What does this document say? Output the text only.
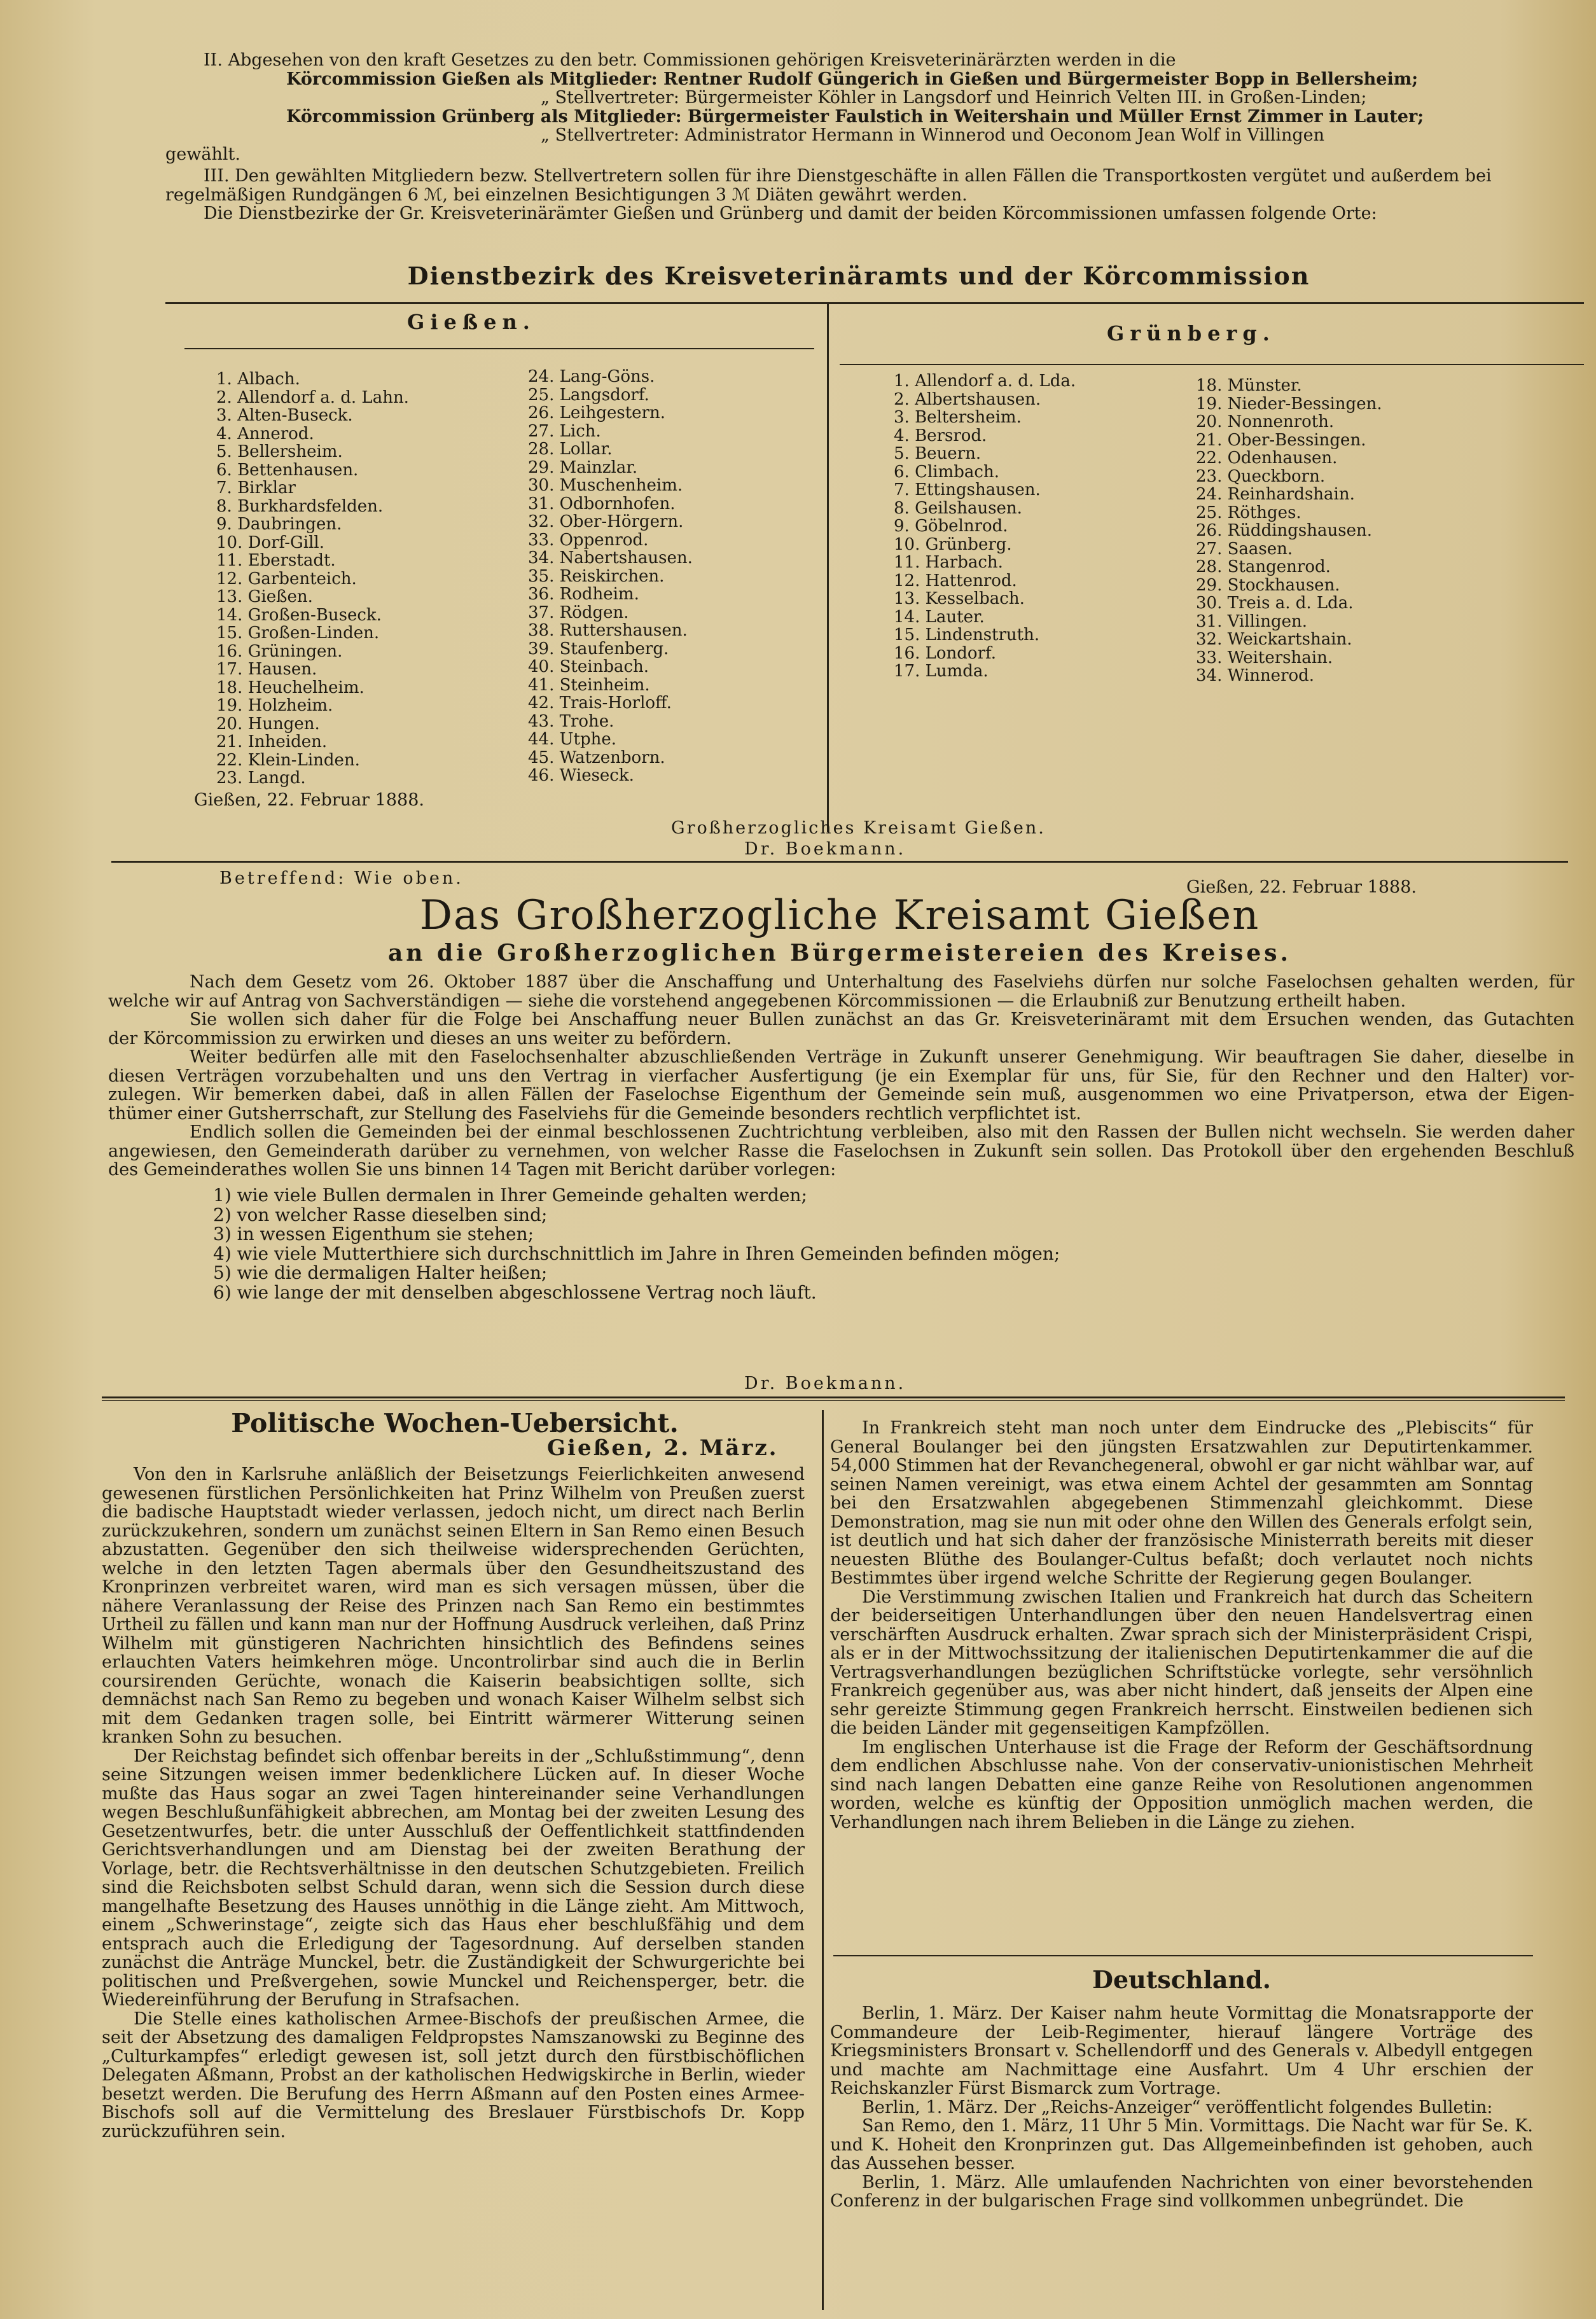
II. Abgesehen von den kraft Gesetzes zu den betr. Commissionen gehörigen Kreisveterinärärzten werden in die
Körcommission Gießen als Mitglieder: Rentner Rudolf Güngerich in Gießen und Bürgermeister Bopp in Bellersheim;
„ Stellvertreter: Bürgermeister Köhler in Langsdorf und Heinrich Velten III. in Großen-Linden;
Körcommission Grünberg als Mitglieder: Bürgermeister Faulstich in Weitershain und Müller Ernst Zimmer in Lauter;
„ Stellvertreter: Administrator Hermann in Winnerod und Oeconom Jean Wolf in Villingen
gewählt.
III. Den gewählten Mitgliedern bezw. Stellvertretern sollen für ihre Dienstgeschäfte in allen Fällen die Transportkosten vergütet und außerdem bei
regelmäßigen Rundgängen 6 ℳ, bei einzelnen Besichtigungen 3 ℳ Diäten gewährt werden.
Die Dienstbezirke der Gr. Kreisveterinärämter Gießen und Grünberg und damit der beiden Körcommissionen umfassen folgende Orte:
Dienstbezirk des Kreisveterinäramts und der Körcommission
Gießen.	Grünberg.
1. Albach.
2. Allendorf a. d. Lahn.
3. Alten-Buseck.
4. Annerod.
5. Bellersheim.
6. Bettenhausen.
7. Birklar
8. Burkhardsfelden.
9. Daubringen.
10. Dorf-Gill.
11. Eberstadt.
12. Garbenteich.
13. Gießen.
14. Großen-Buseck.
15. Großen-Linden.
16. Grüningen.
17. Hausen.
18. Heuchelheim.
19. Holzheim.
20. Hungen.
21. Inheiden.
22. Klein-Linden.
23. Langd.
24. Lang-Göns.
25. Langsdorf.
26. Leihgestern.
27. Lich.
28. Lollar.
29. Mainzlar.
30. Muschenheim.
31. Odbornhofen.
32. Ober-Hörgern.
33. Oppenrod.
34. Nabertshausen.
35. Reiskirchen.
36. Rodheim.
37. Rödgen.
38. Ruttershausen.
39. Staufenberg.
40. Steinbach.
41. Steinheim.
42. Trais-Horloff.
43. Trohe.
44. Utphe.
45. Watzenborn.
46. Wieseck.
1. Allendorf a. d. Lda.
2. Albertshausen.
3. Beltersheim.
4. Bersrod.
5. Beuern.
6. Climbach.
7. Ettingshausen.
8. Geilshausen.
9. Göbelnrod.
10. Grünberg.
11. Harbach.
12. Hattenrod.
13. Kesselbach.
14. Lauter.
15. Lindenstruth.
16. Londorf.
17. Lumda.
18. Münster.
19. Nieder-Bessingen.
20. Nonnenroth.
21. Ober-Bessingen.
22. Odenhausen.
23. Queckborn.
24. Reinhardshain.
25. Röthges.
26. Rüddingshausen.
27. Saasen.
28. Stangenrod.
29. Stockhausen.
30. Treis a. d. Lda.
31. Villingen.
32. Weickartshain.
33. Weitershain.
34. Winnerod.
Gießen, 22. Februar 1888.
Großherzogliches Kreisamt Gießen.
Dr. Boekmann.
Betreffend: Wie oben.	Gießen, 22. Februar 1888.
Das Großherzogliche Kreisamt Gießen
an die Großherzoglichen Bürgermeistereien des Kreises.
Nach dem Gesetz vom 26. Oktober 1887 über die Anschaffung und Unterhaltung des Faselviehs dürfen nur solche Faselochsen gehalten werden, für
welche wir auf Antrag von Sachverständigen — siehe die vorstehend angegebenen Körcommissionen — die Erlaubniß zur Benutzung ertheilt haben.
Sie wollen sich daher für die Folge bei Anschaffung neuer Bullen zunächst an das Gr. Kreisveterinäramt mit dem Ersuchen wenden, das Gutachten
der Körcommission zu erwirken und dieses an uns weiter zu befördern.
Weiter bedürfen alle mit den Faselochsenhalter abzuschließenden Verträge in Zukunft unserer Genehmigung. Wir beauftragen Sie daher, dieselbe in
diesen Verträgen vorzubehalten und uns den Vertrag in vierfacher Ausfertigung (je ein Exemplar für uns, für Sie, für den Rechner und den Halter) vor-
zulegen. Wir bemerken dabei, daß in allen Fällen der Faselochse Eigenthum der Gemeinde sein muß, ausgenommen wo eine Privatperson, etwa der Eigen-
thümer einer Gutsherrschaft, zur Stellung des Faselviehs für die Gemeinde besonders rechtlich verpflichtet ist.
Endlich sollen die Gemeinden bei der einmal beschlossenen Zuchtrichtung verbleiben, also mit den Rassen der Bullen nicht wechseln. Sie werden daher
angewiesen, den Gemeinderath darüber zu vernehmen, von welcher Rasse die Faselochsen in Zukunft sein sollen. Das Protokoll über den ergehenden Beschluß
des Gemeinderathes wollen Sie uns binnen 14 Tagen mit Bericht darüber vorlegen:
1) wie viele Bullen dermalen in Ihrer Gemeinde gehalten werden;
2) von welcher Rasse dieselben sind;
3) in wessen Eigenthum sie stehen;
4) wie viele Mutterthiere sich durchschnittlich im Jahre in Ihren Gemeinden befinden mögen;
5) wie die dermaligen Halter heißen;
6) wie lange der mit denselben abgeschlossene Vertrag noch läuft.
Dr. Boekmann.
Politische Wochen-Uebersicht.
Gießen, 2. März.
Von den in Karlsruhe anläßlich der Beisetzungs Feierlichkeiten anwesend gewesenen fürstlichen Persönlichkeiten hat Prinz Wilhelm von Preußen zuerst die badische Hauptstadt wieder verlassen, jedoch nicht, um direct nach Berlin zurückzukehren, sondern um zunächst seinen Eltern in San Remo einen Besuch abzustatten. Gegenüber den sich theilweise widersprechenden Gerüchten, welche in den letzten Tagen abermals über den Gesundheitszustand des Kronprinzen verbreitet waren, wird man es sich versagen müssen, über die nähere Veranlassung der Reise des Prinzen nach San Remo ein bestimmtes Urtheil zu fällen und kann man nur der Hoffnung Ausdruck verleihen, daß Prinz Wilhelm mit günstigeren Nachrichten hinsichtlich des Befindens seines erlauchten Vaters heimkehren möge. Uncontrolirbar sind auch die in Berlin coursirenden Gerüchte, wonach die Kaiserin beabsichtigen sollte, sich demnächst nach San Remo zu begeben und wonach Kaiser Wilhelm selbst sich mit dem Gedanken tragen solle, bei Eintritt wärmerer Witterung seinen kranken Sohn zu besuchen.
Der Reichstag befindet sich offenbar bereits in der „Schlußstimmung“, denn seine Sitzungen weisen immer bedenklichere Lücken auf. In dieser Woche mußte das Haus sogar an zwei Tagen hintereinander seine Verhandlungen wegen Beschlußunfähigkeit abbrechen, am Montag bei der zweiten Lesung des Gesetzentwurfes, betr. die unter Ausschluß der Oeffentlichkeit stattfindenden Gerichtsverhandlungen und am Dienstag bei der zweiten Berathung der Vorlage, betr. die Rechtsverhältnisse in den deutschen Schutzgebieten. Freilich sind die Reichsboten selbst Schuld daran, wenn sich die Session durch diese mangelhafte Besetzung des Hauses unnöthig in die Länge zieht. Am Mittwoch, einem „Schwerinstage“, zeigte sich das Haus eher beschlußfähig und dem entsprach auch die Erledigung der Tagesordnung. Auf derselben standen zunächst die Anträge Munckel, betr. die Zuständigkeit der Schwurgerichte bei politischen und Preßvergehen, sowie Munckel und Reichensperger, betr. die Wiedereinführung der Berufung in Strafsachen.
Die Stelle eines katholischen Armee-Bischofs der preußischen Armee, die seit der Absetzung des damaligen Feldpropstes Namszanowski zu Beginne des „Culturkampfes“ erledigt gewesen ist, soll jetzt durch den fürstbischöflichen Delegaten Aßmann, Probst an der katholischen Hedwigskirche in Berlin, wieder besetzt werden. Die Berufung des Herrn Aßmann auf den Posten eines Armee-Bischofs soll auf die Vermittelung des Breslauer Fürstbischofs Dr. Kopp zurückzuführen sein.
In Frankreich steht man noch unter dem Eindrucke des „Plebiscits“ für General Boulanger bei den jüngsten Ersatzwahlen zur Deputirtenkammer. 54,000 Stimmen hat der Revanchegeneral, obwohl er gar nicht wählbar war, auf seinen Namen vereinigt, was etwa einem Achtel der gesammten am Sonntag bei den Ersatzwahlen abgegebenen Stimmenzahl gleichkommt. Diese Demonstration, mag sie nun mit oder ohne den Willen des Generals erfolgt sein, ist deutlich und hat sich daher der französische Ministerrath bereits mit dieser neuesten Blüthe des Boulanger-Cultus befaßt; doch verlautet noch nichts Bestimmtes über irgend welche Schritte der Regierung gegen Boulanger.
Die Verstimmung zwischen Italien und Frankreich hat durch das Scheitern der beiderseitigen Unterhandlungen über den neuen Handelsvertrag einen verschärften Ausdruck erhalten. Zwar sprach sich der Ministerpräsident Crispi, als er in der Mittwochssitzung der italienischen Deputirtenkammer die auf die Vertragsverhandlungen bezüglichen Schriftstücke vorlegte, sehr versöhnlich Frankreich gegenüber aus, was aber nicht hindert, daß jenseits der Alpen eine sehr gereizte Stimmung gegen Frankreich herrscht. Einstweilen bedienen sich die beiden Länder mit gegenseitigen Kampfzöllen.
Im englischen Unterhause ist die Frage der Reform der Geschäftsordnung dem endlichen Abschlusse nahe. Von der conservativ-unionistischen Mehrheit sind nach langen Debatten eine ganze Reihe von Resolutionen angenommen worden, welche es künftig der Opposition unmöglich machen werden, die Verhandlungen nach ihrem Belieben in die Länge zu ziehen.
Deutschland.
Berlin, 1. März. Der Kaiser nahm heute Vormittag die Monatsrapporte der Commandeure der Leib-Regimenter, hierauf längere Vorträge des Kriegsministers Bronsart v. Schellendorff und des Generals v. Albedyll entgegen und machte am Nachmittage eine Ausfahrt. Um 4 Uhr erschien der Reichskanzler Fürst Bismarck zum Vortrage.
Berlin, 1. März. Der „Reichs-Anzeiger“ veröffentlicht folgendes Bulletin:
San Remo, den 1. März, 11 Uhr 5 Min. Vormittags. Die Nacht war für Se. K. und K. Hoheit den Kronprinzen gut. Das Allgemeinbefinden ist gehoben, auch das Aussehen besser.
Berlin, 1. März. Alle umlaufenden Nachrichten von einer bevorstehenden Conferenz in der bulgarischen Frage sind vollkommen unbegründet. Die
